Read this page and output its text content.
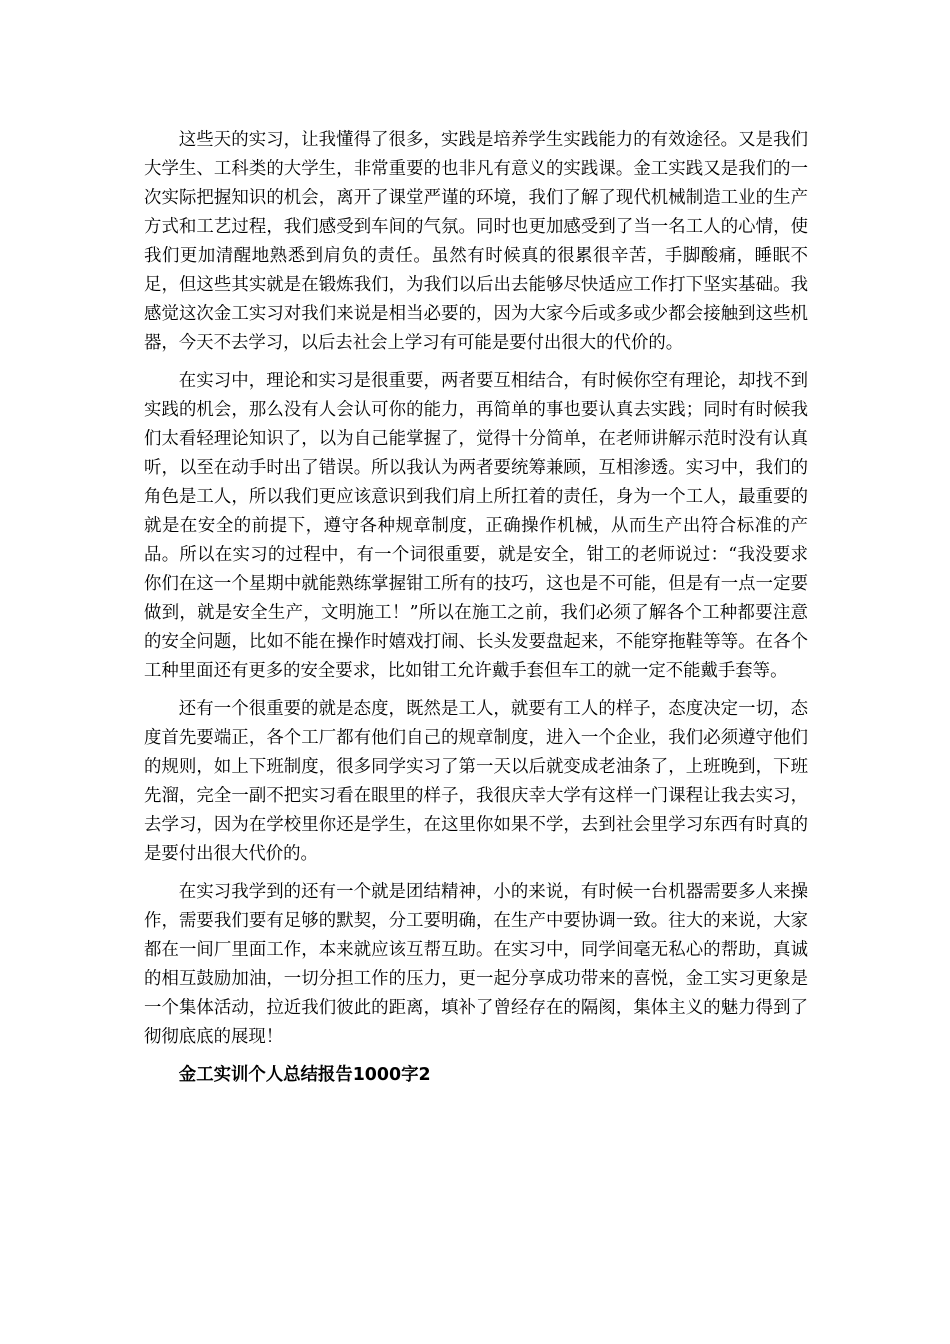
这些天的实习，让我懂得了很多，实践是培养学生实践能力的有效途径。又是我们大学生、工科类的大学生，非常重要的也非凡有意义的实践课。金工实践又是我们的一次实际把握知识的机会，离开了课堂严谨的环境，我们了解了现代机械制造工业的生产方式和工艺过程，我们感受到车间的气氛。同时也更加感受到了当一名工人的心情，使我们更加清醒地熟悉到肩负的责任。虽然有时候真的很累很辛苦，手脚酸痛，睡眠不足，但这些其实就是在锻炼我们，为我们以后出去能够尽快适应工作打下坚实基础。我感觉这次金工实习对我们来说是相当必要的，因为大家今后或多或少都会接触到这些机器，今天不去学习，以后去社会上学习有可能是要付出很大的代价的。

在实习中，理论和实习是很重要，两者要互相结合，有时候你空有理论，却找不到实践的机会，那么没有人会认可你的能力，再简单的事也要认真去实践；同时有时候我们太看轻理论知识了，以为自己能掌握了，觉得十分简单，在老师讲解示范时没有认真听，以至在动手时出了错误。所以我认为两者要统筹兼顾，互相渗透。实习中，我们的角色是工人，所以我们更应该意识到我们肩上所扛着的责任，身为一个工人，最重要的就是在安全的前提下，遵守各种规章制度，正确操作机械，从而生产出符合标准的产品。所以在实习的过程中，有一个词很重要，就是安全，钳工的老师说过：“我没要求你们在这一个星期中就能熟练掌握钳工所有的技巧，这也是不可能，但是有一点一定要做到，就是安全生产，文明施工！”所以在施工之前，我们必须了解各个工种都要注意的安全问题，比如不能在操作时嬉戏打闹、长头发要盘起来，不能穿拖鞋等等。在各个工种里面还有更多的安全要求，比如钳工允许戴手套但车工的就一定不能戴手套等。

还有一个很重要的就是态度，既然是工人，就要有工人的样子，态度决定一切，态度首先要端正，各个工厂都有他们自己的规章制度，进入一个企业，我们必须遵守他们的规则，如上下班制度，很多同学实习了第一天以后就变成老油条了，上班晚到，下班先溜，完全一副不把实习看在眼里的样子，我很庆幸大学有这样一门课程让我去实习，去学习，因为在学校里你还是学生，在这里你如果不学，去到社会里学习东西有时真的是要付出很大代价的。

在实习我学到的还有一个就是团结精神，小的来说，有时候一台机器需要多人来操作，需要我们要有足够的默契，分工要明确，在生产中要协调一致。往大的来说，大家都在一间厂里面工作，本来就应该互帮互助。在实习中，同学间毫无私心的帮助，真诚的相互鼓励加油，一切分担工作的压力，更一起分享成功带来的喜悦，金工实习更象是一个集体活动，拉近我们彼此的距离，填补了曾经存在的隔阂，集体主义的魅力得到了彻彻底底的展现！

金工实训个人总结报告1000字2
